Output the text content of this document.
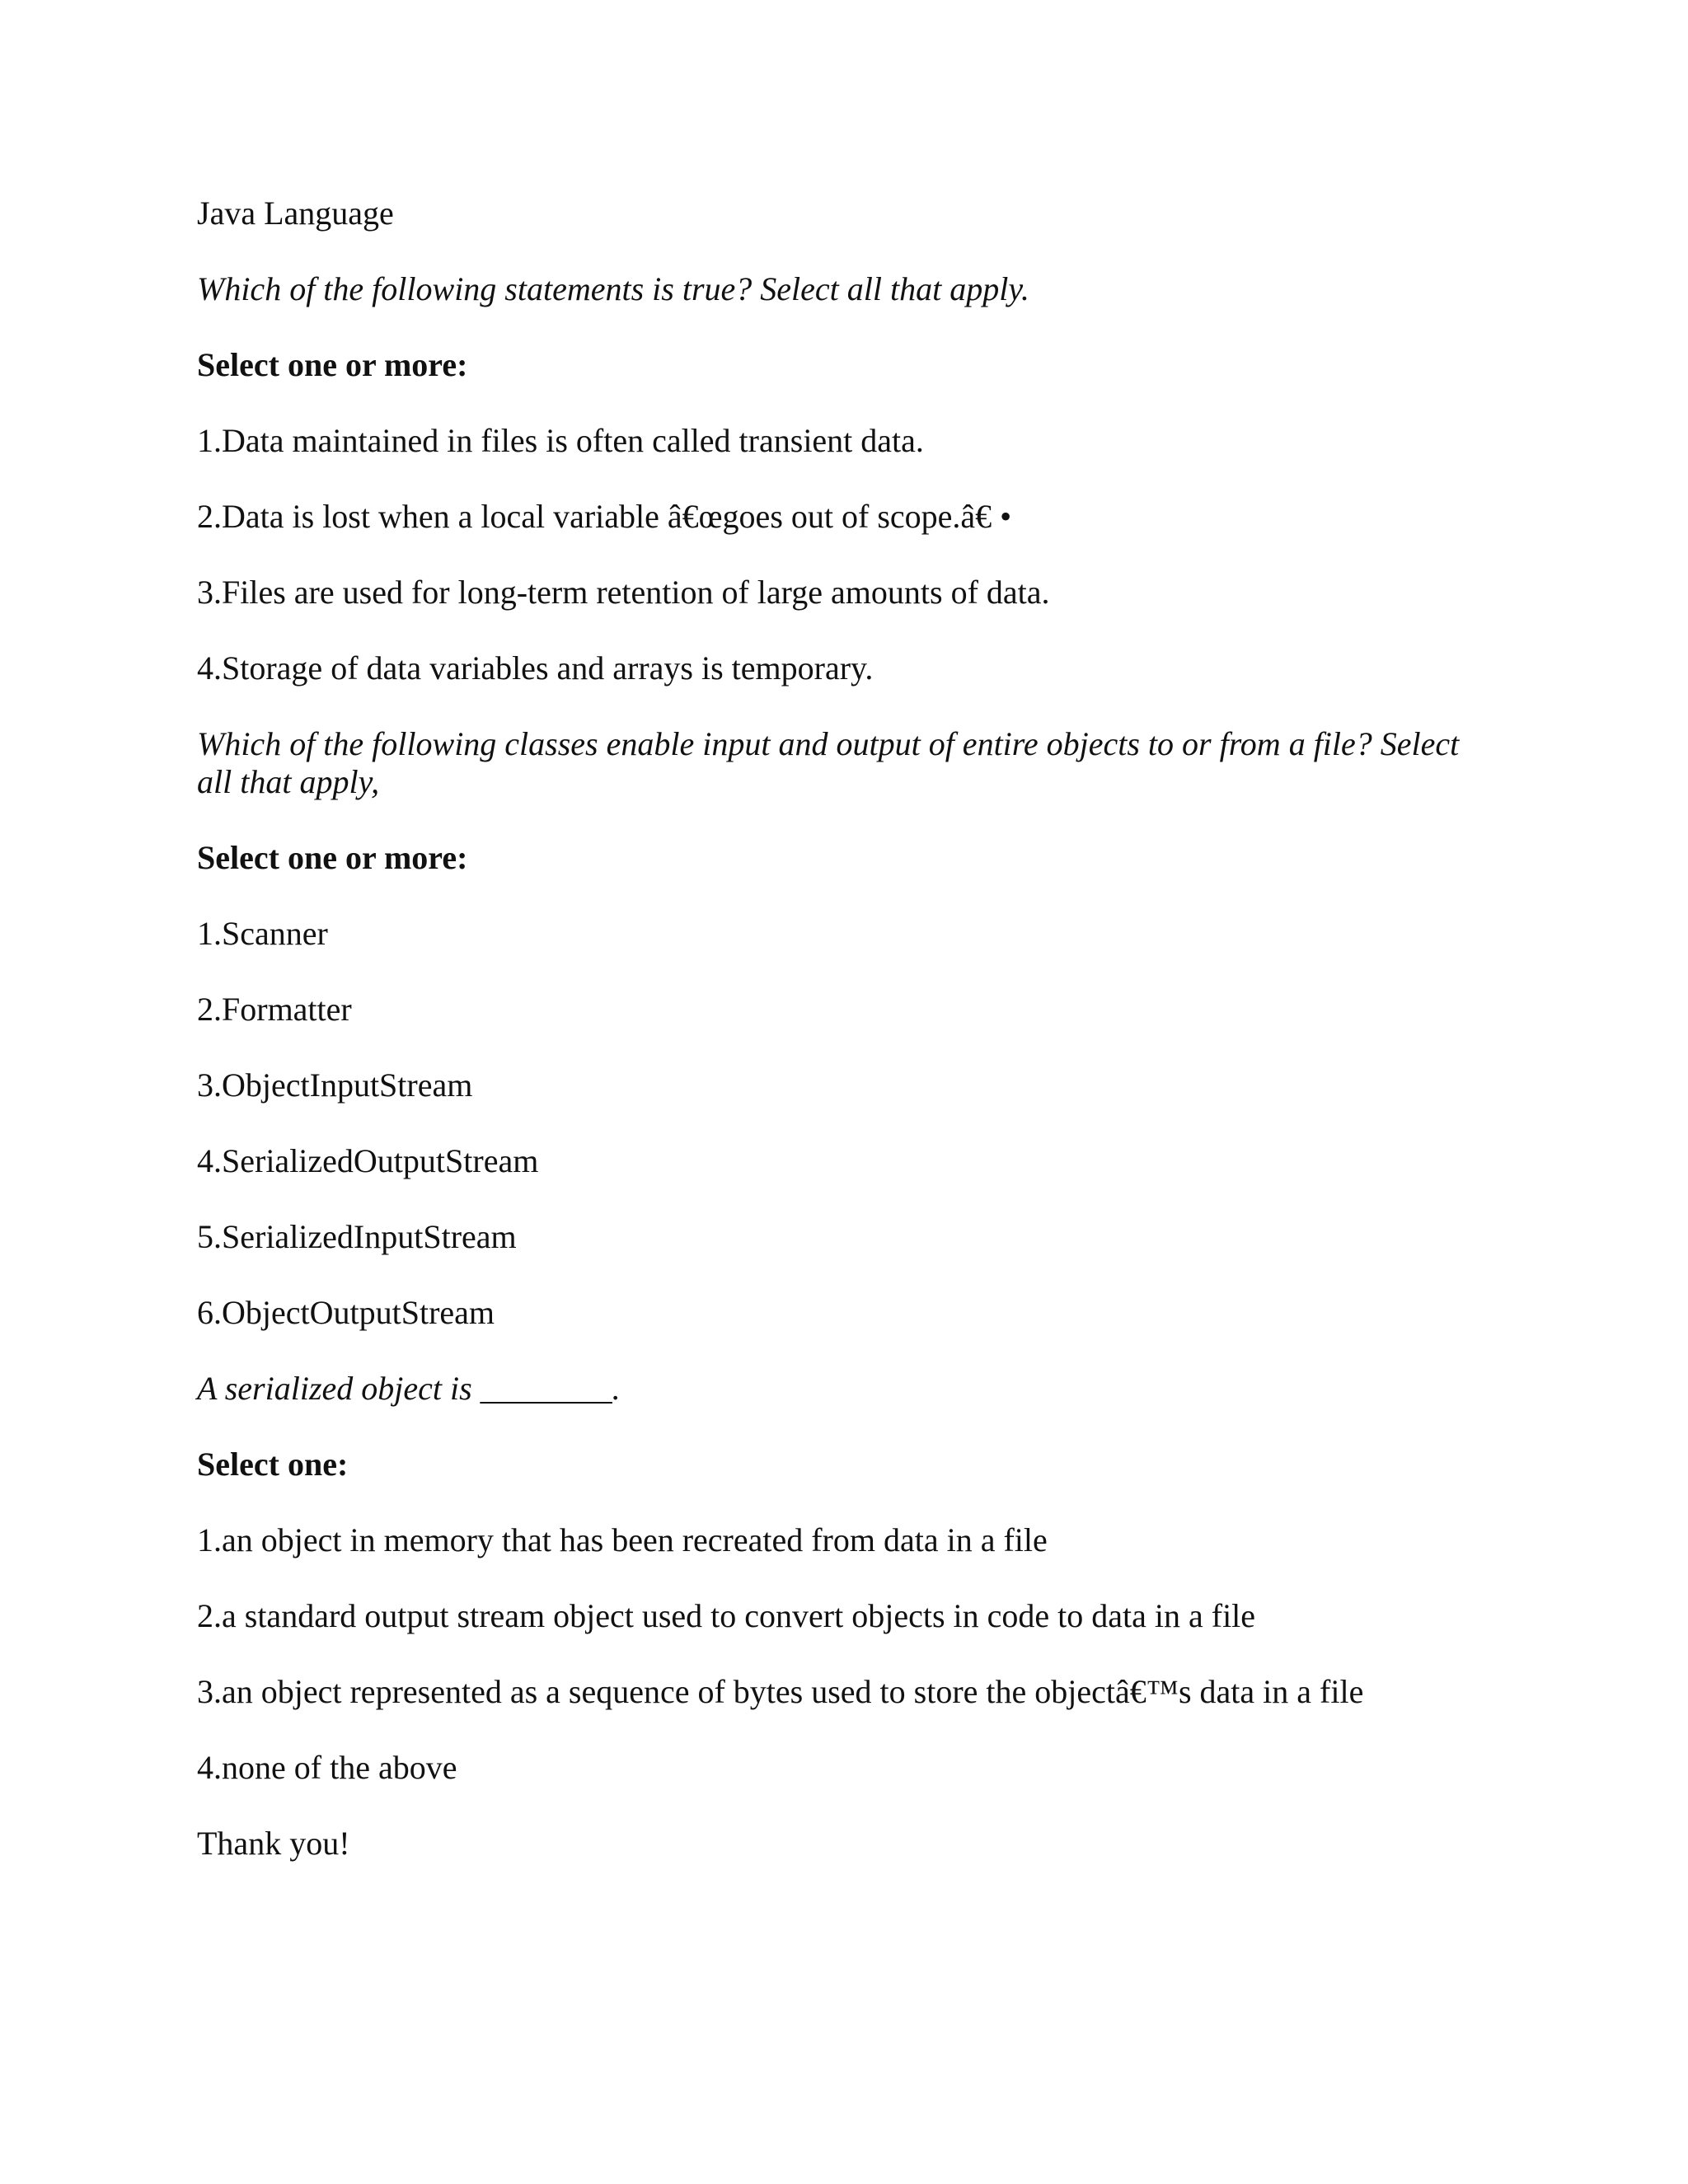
Java Language
Which of the following statements is true? Select all that apply.
Select one or more:
1.Data maintained in files is often called transient data.
2.Data is lost when a local variable â€œgoes out of scope.â€ •
3.Files are used for long-term retention of large amounts of data.
4.Storage of data variables and arrays is temporary.
Which of the following classes enable input and output of entire objects to or from a file? Select all that apply,
Select one or more:
1.Scanner
2.Formatter
3.ObjectInputStream
4.SerializedOutputStream
5.SerializedInputStream
6.ObjectOutputStream
A serialized object is ________.
Select one:
1.an object in memory that has been recreated from data in a file
2.a standard output stream object used to convert objects in code to data in a file
3.an object represented as a sequence of bytes used to store the objectâ€™s data in a file
4.none of the above
Thank you!
